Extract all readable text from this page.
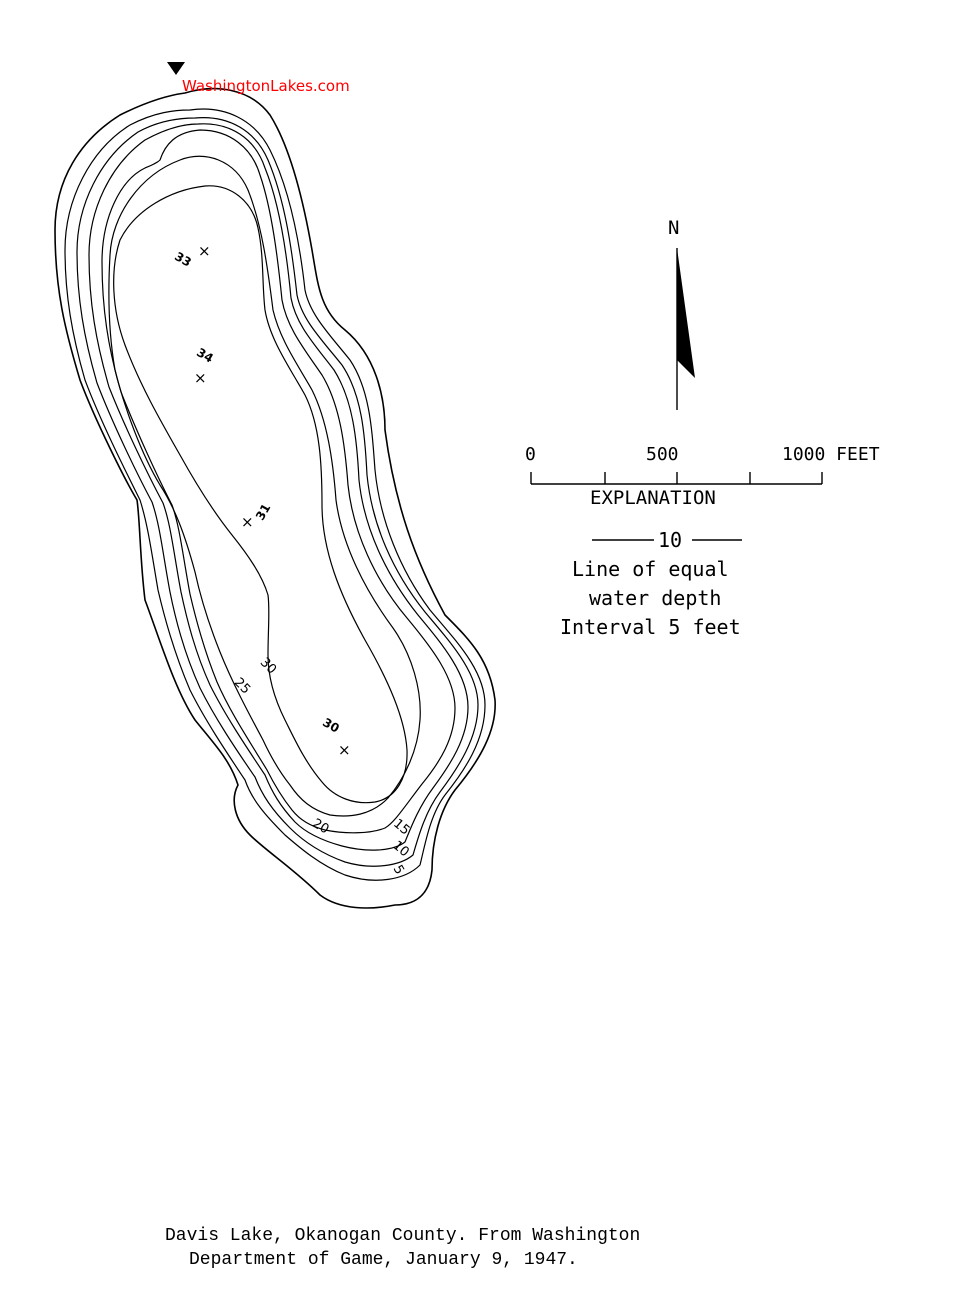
5
10
15
20
25
30
33
34
31
30
×
×
×
×
WashingtonLakes.com
N
0	500	1000 FEET
EXPLANATION
10
Line of equal
water depth
Interval 5 feet
Davis Lake, Okanogan County. From Washington
Department of Game, January 9, 1947.
